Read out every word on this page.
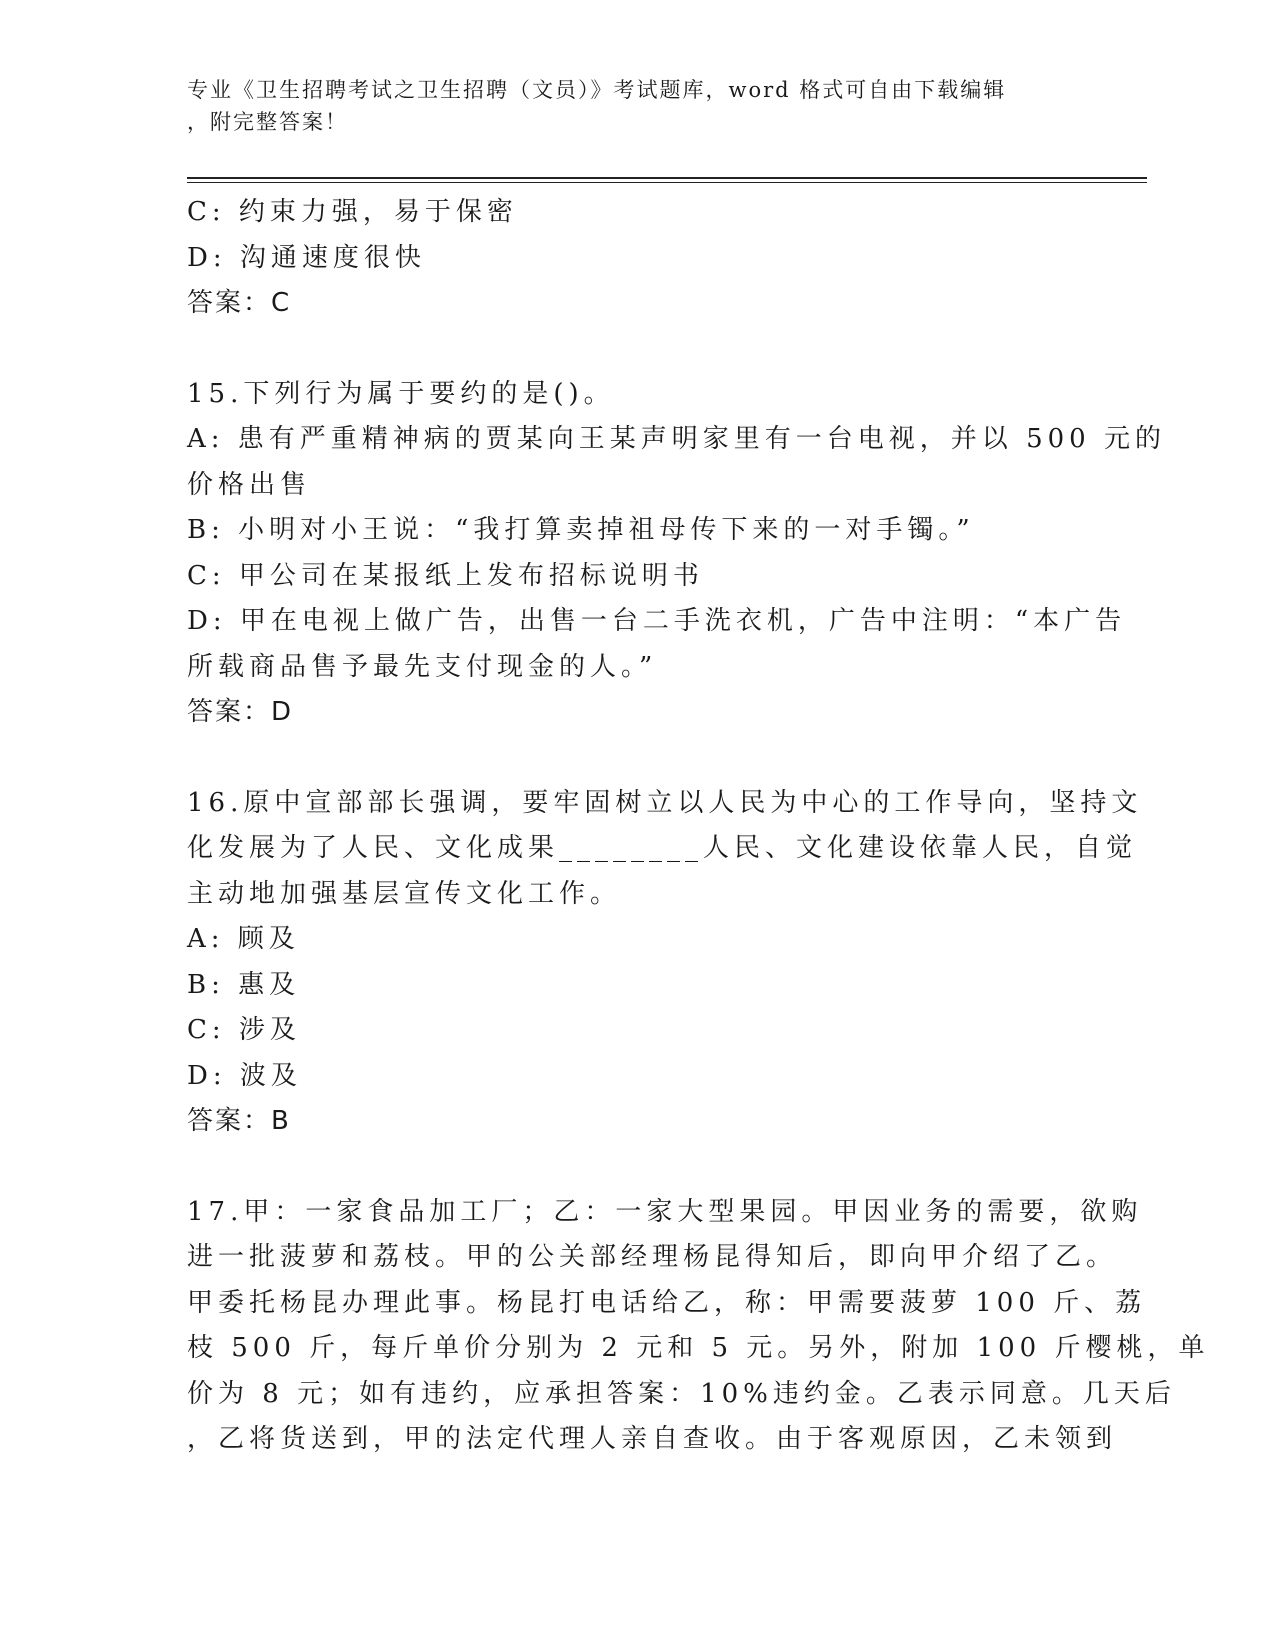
专业《卫生招聘考试之卫生招聘（文员）》考试题库，word 格式可自由下载编辑
，附完整答案！

C: 约束力强，易于保密

D: 沟通速度很快

答案：C

15.下列行为属于要约的是()。

A: 患有严重精神病的贾某向王某声明家里有一台电视，并以 500 元的

价格出售

B: 小明对小王说：“我打算卖掉祖母传下来的一对手镯。”

C: 甲公司在某报纸上发布招标说明书

D: 甲在电视上做广告，出售一台二手洗衣机，广告中注明：“本广告

所载商品售予最先支付现金的人。”

答案：D

16.原中宣部部长强调，要牢固树立以人民为中心的工作导向，坚持文

化发展为了人民、文化成果________人民、文化建设依靠人民，自觉

主动地加强基层宣传文化工作。

A: 顾及

B: 惠及

C: 涉及

D: 波及

答案：B

17.甲：一家食品加工厂；乙：一家大型果园。甲因业务的需要，欲购

进一批菠萝和荔枝。甲的公关部经理杨昆得知后，即向甲介绍了乙。

甲委托杨昆办理此事。杨昆打电话给乙，称：甲需要菠萝 100 斤、荔

枝 500 斤，每斤单价分别为 2 元和 5 元。另外，附加 100 斤樱桃，单

价为 8 元；如有违约，应承担答案：10%违约金。乙表示同意。几天后

，乙将货送到，甲的法定代理人亲自查收。由于客观原因，乙未领到
